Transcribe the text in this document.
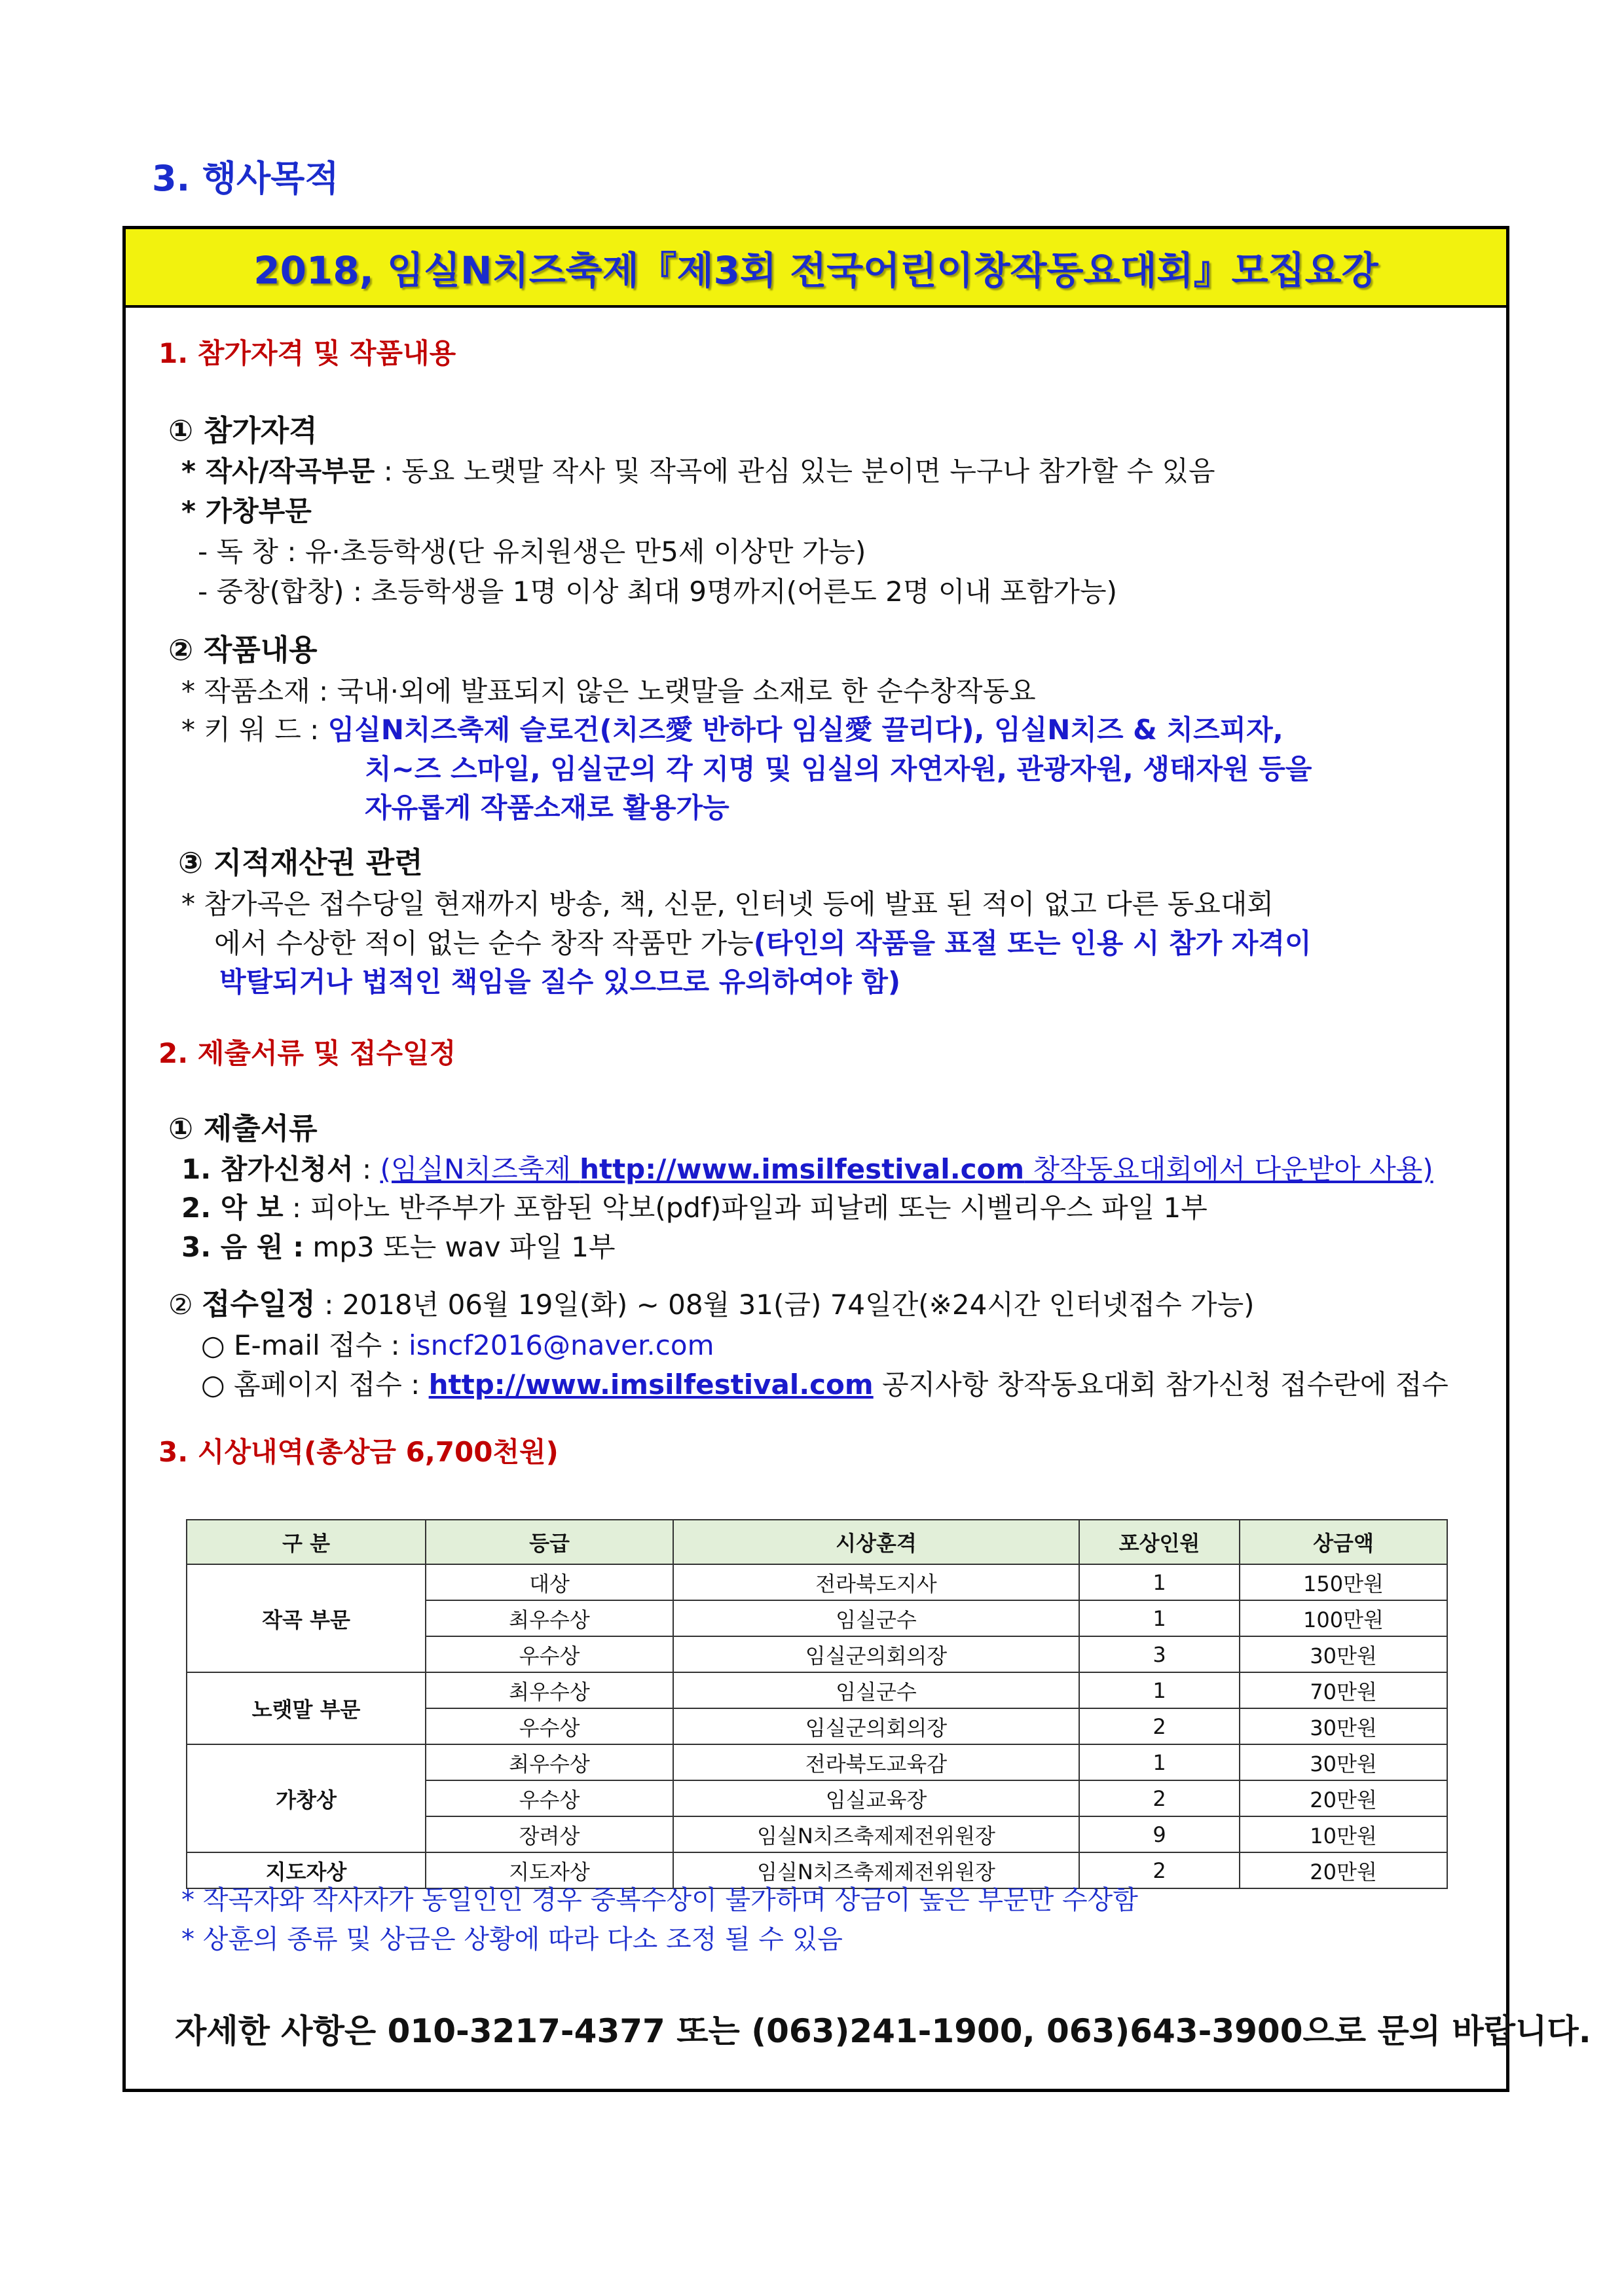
3. 행사목적
2018, 임실N치즈축제『제3회 전국어린이창작동요대회』모집요강
1. 참가자격 및 작품내용
① 참가자격
* 작사/작곡부문 : 동요 노랫말 작사 및 작곡에 관심 있는 분이면 누구나 참가할 수 있음
* 가창부문
- 독 창 : 유·초등학생(단 유치원생은 만5세 이상만 가능)
- 중창(합창) : 초등학생을 1명 이상 최대 9명까지(어른도 2명 이내 포함가능)
② 작품내용
* 작품소재 : 국내·외에 발표되지 않은 노랫말을 소재로 한 순수창작동요
* 키 워 드 : 임실N치즈축제 슬로건(치즈愛 반하다 임실愛 끌리다), 임실N치즈 & 치즈피자,
치~즈 스마일, 임실군의 각 지명 및 임실의 자연자원, 관광자원, 생태자원 등을
자유롭게 작품소재로 활용가능
③ 지적재산권 관련
* 참가곡은 접수당일 현재까지 방송, 책, 신문, 인터넷 등에 발표 된 적이 없고 다른 동요대회
에서 수상한 적이 없는 순수 창작 작품만 가능(타인의 작품을 표절 또는 인용 시 참가 자격이
박탈되거나 법적인 책임을 질수 있으므로 유의하여야 함)
2. 제출서류 및 접수일정
① 제출서류
1. 참가신청서 : (임실N치즈축제 http://www.imsilfestival.com 창작동요대회에서 다운받아 사용)
2. 악 보 : 피아노 반주부가 포함된 악보(pdf)파일과 피날레 또는 시벨리우스 파일 1부
3. 음 원 : mp3 또는 wav 파일 1부
② 접수일정 : 2018년 06월 19일(화) ~ 08월 31(금) 74일간(※24시간 인터넷접수 가능)
○ E-mail 접수 : isncf2016@naver.com
○ 홈페이지 접수 : http://www.imsilfestival.com 공지사항 창작동요대회 참가신청 접수란에 접수
3. 시상내역(총상금 6,700천원)
구 분	등급	시상훈격	포상인원	상금액
작곡 부문	대상	전라북도지사	1	150만원
	최우수상	임실군수	1	100만원
	우수상	임실군의회의장	3	30만원
노랫말 부문	최우수상	임실군수	1	70만원
	우수상	임실군의회의장	2	30만원
가창상	최우수상	전라북도교육감	1	30만원
	우수상	임실교육장	2	20만원
	장려상	임실N치즈축제제전위원장	9	10만원
지도자상	지도자상	임실N치즈축제제전위원장	2	20만원
* 작곡자와 작사자가 동일인인 경우 중복수상이 불가하며 상금이 높은 부문만 수상함
* 상훈의 종류 및 상금은 상황에 따라 다소 조정 될 수 있음
자세한 사항은 010-3217-4377 또는 (063)241-1900, 063)643-3900으로 문의 바랍니다.
